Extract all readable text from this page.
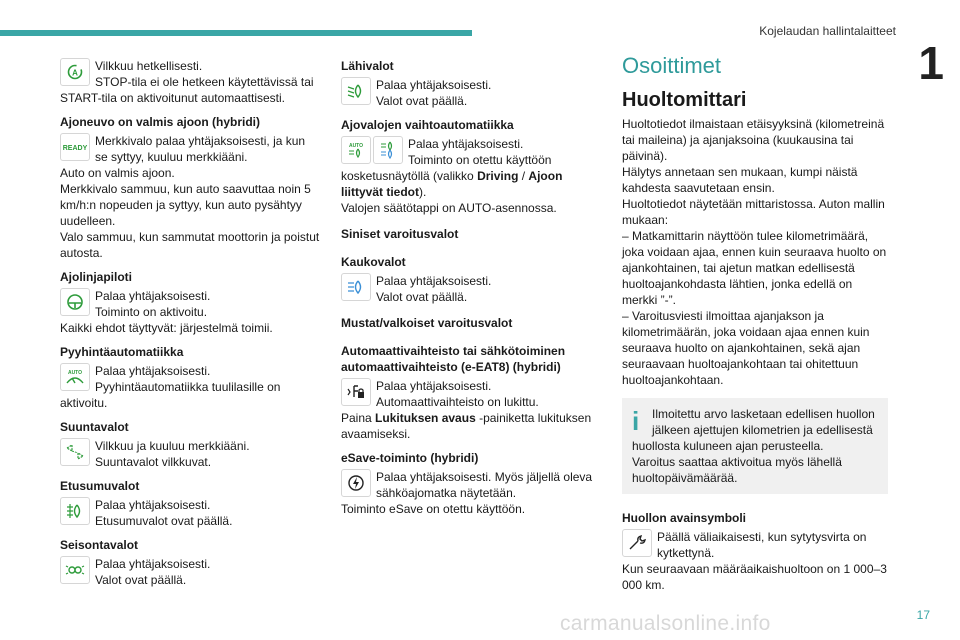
Kojelaudan hallintalaitteet
1
17
carmanualsonline.info
A	Vilkkuu hetkellisesti.
STOP-tila ei ole hetkeen käytettävissä tai
START-tila on aktivoitunut automaattisesti.
Ajoneuvo on valmis ajoon (hybridi)
READY
Merkkivalo palaa yhtäjaksoisesti, ja kun
se syttyy, kuuluu merkkiääni.
Auto on valmis ajoon.
Merkkivalo sammuu, kun auto saavuttaa noin 5 km/h:n nopeuden ja syttyy, kun auto pysähtyy uudelleen.
Valo sammuu, kun sammutat moottorin ja poistut autosta.
Ajolinjapiloti
Palaa yhtäjaksoisesti.
Toiminto on aktivoitu.
Kaikki ehdot täyttyvät: järjestelmä toimii.
Pyyhintäautomatiikka
AUTO	Palaa yhtäjaksoisesti.
Pyyhintäautomatiikka tuulilasille on
aktivoitu.
Suuntavalot
Vilkkuu ja kuuluu merkkiääni.
Suuntavalot vilkkuvat.
Etusumuvalot
Palaa yhtäjaksoisesti.
Etusumuvalot ovat päällä.
Seisontavalot
Palaa yhtäjaksoisesti.
Valot ovat päällä.
Lähivalot
Palaa yhtäjaksoisesti.
Valot ovat päällä.
Ajovalojen vaihtoautomatiikka
AUTO	Palaa yhtäjaksoisesti.
Toiminto on otettu käyttöön
kosketusnäytöllä (valikko Driving / Ajoon liittyvät tiedot).
Valojen säätötappi on AUTO-asennossa.
Siniset varoitusvalot
Kaukovalot
Palaa yhtäjaksoisesti.
Valot ovat päällä.
Mustat/valkoiset varoitusvalot
Automaattivaihteisto tai sähkötoiminen automaattivaihteisto (e-EAT8) (hybridi)
Palaa yhtäjaksoisesti.
Automaattivaihteisto on lukittu.
Paina Lukituksen avaus -painiketta lukituksen avaamiseksi.
eSave-toiminto (hybridi)
Palaa yhtäjaksoisesti. Myös jäljellä oleva
sähköajomatka näytetään.
Toiminto eSave on otettu käyttöön.
Osoittimet
Huoltomittari
Huoltotiedot ilmaistaan etäisyyksinä (kilometreinä tai maileina) ja ajanjaksoina (kuukausina tai päivinä).
Hälytys annetaan sen mukaan, kumpi näistä kahdesta saavutetaan ensin.
Huoltotiedot näytetään mittaristossa. Auton mallin mukaan:
– Matkamittarin näyttöön tulee kilometrimäärä, joka voidaan ajaa, ennen kuin seuraava huolto on ajankohtainen, tai ajetun matkan edellisestä huoltoajankohdasta lähtien, jonka edellä on merkki ”-”.
– Varoitusviesti ilmoittaa ajanjakson ja kilometrimäärän, joka voidaan ajaa ennen kuin seuraava huolto on ajankohtainen, sekä ajan seuraavaan huoltoajankohtaan tai ohitettuun huoltoajankohtaan.
i	Ilmoitettu arvo lasketaan edellisen huollon jälkeen ajettujen kilometrien ja edellisestä huollosta kuluneen ajan perusteella.
Varoitus saattaa aktivoitua myös lähellä huoltopäivämäärää.
Huollon avainsymboli
Päällä väliaikaisesti, kun sytytysvirta on
kytkettynä.
Kun seuraavaan määräaikaishuoltoon on 1 000–3 000 km.
